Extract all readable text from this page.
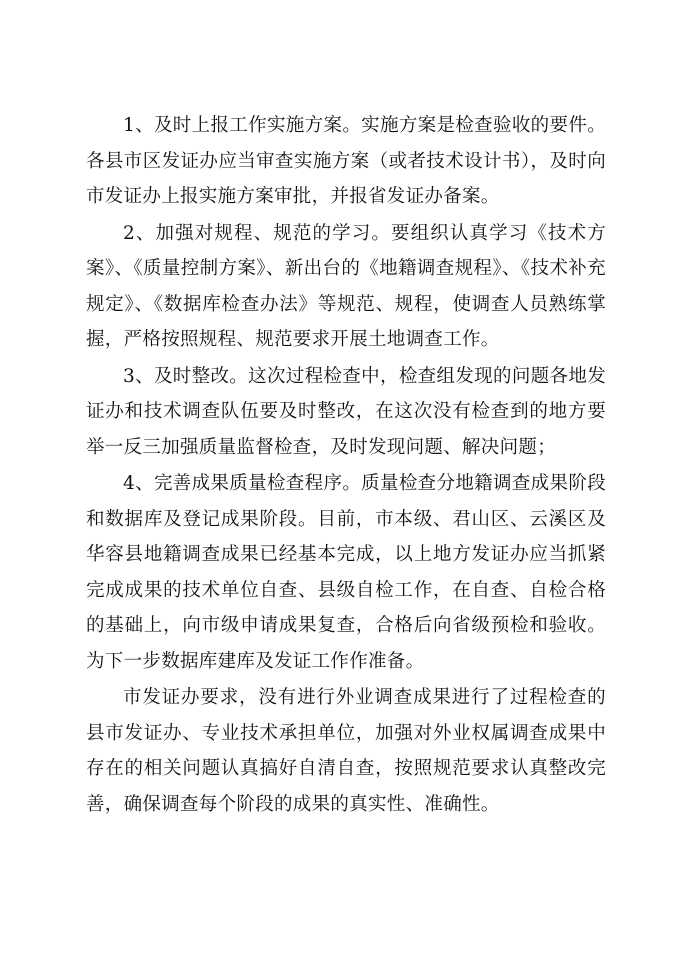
1、及时上报工作实施方案。实施方案是检查验收的要件。各县市区发证办应当审查实施方案（或者技术设计书），及时向市发证办上报实施方案审批，并报省发证办备案。

2、加强对规程、规范的学习。要组织认真学习《技术方案》、《质量控制方案》、新出台的《地籍调查规程》、《技术补充规定》、《数据库检查办法》等规范、规程，使调查人员熟练掌握，严格按照规程、规范要求开展土地调查工作。

3、及时整改。这次过程检查中，检查组发现的问题各地发证办和技术调查队伍要及时整改，在这次没有检查到的地方要举一反三加强质量监督检查，及时发现问题、解决问题；

4、完善成果质量检查程序。质量检查分地籍调查成果阶段和数据库及登记成果阶段。目前，市本级、君山区、云溪区及华容县地籍调查成果已经基本完成，以上地方发证办应当抓紧完成成果的技术单位自查、县级自检工作，在自查、自检合格的基础上，向市级申请成果复查，合格后向省级预检和验收。为下一步数据库建库及发证工作作准备。

市发证办要求，没有进行外业调查成果进行了过程检查的县市发证办、专业技术承担单位，加强对外业权属调查成果中存在的相关问题认真搞好自清自查，按照规范要求认真整改完善，确保调查每个阶段的成果的真实性、准确性。
